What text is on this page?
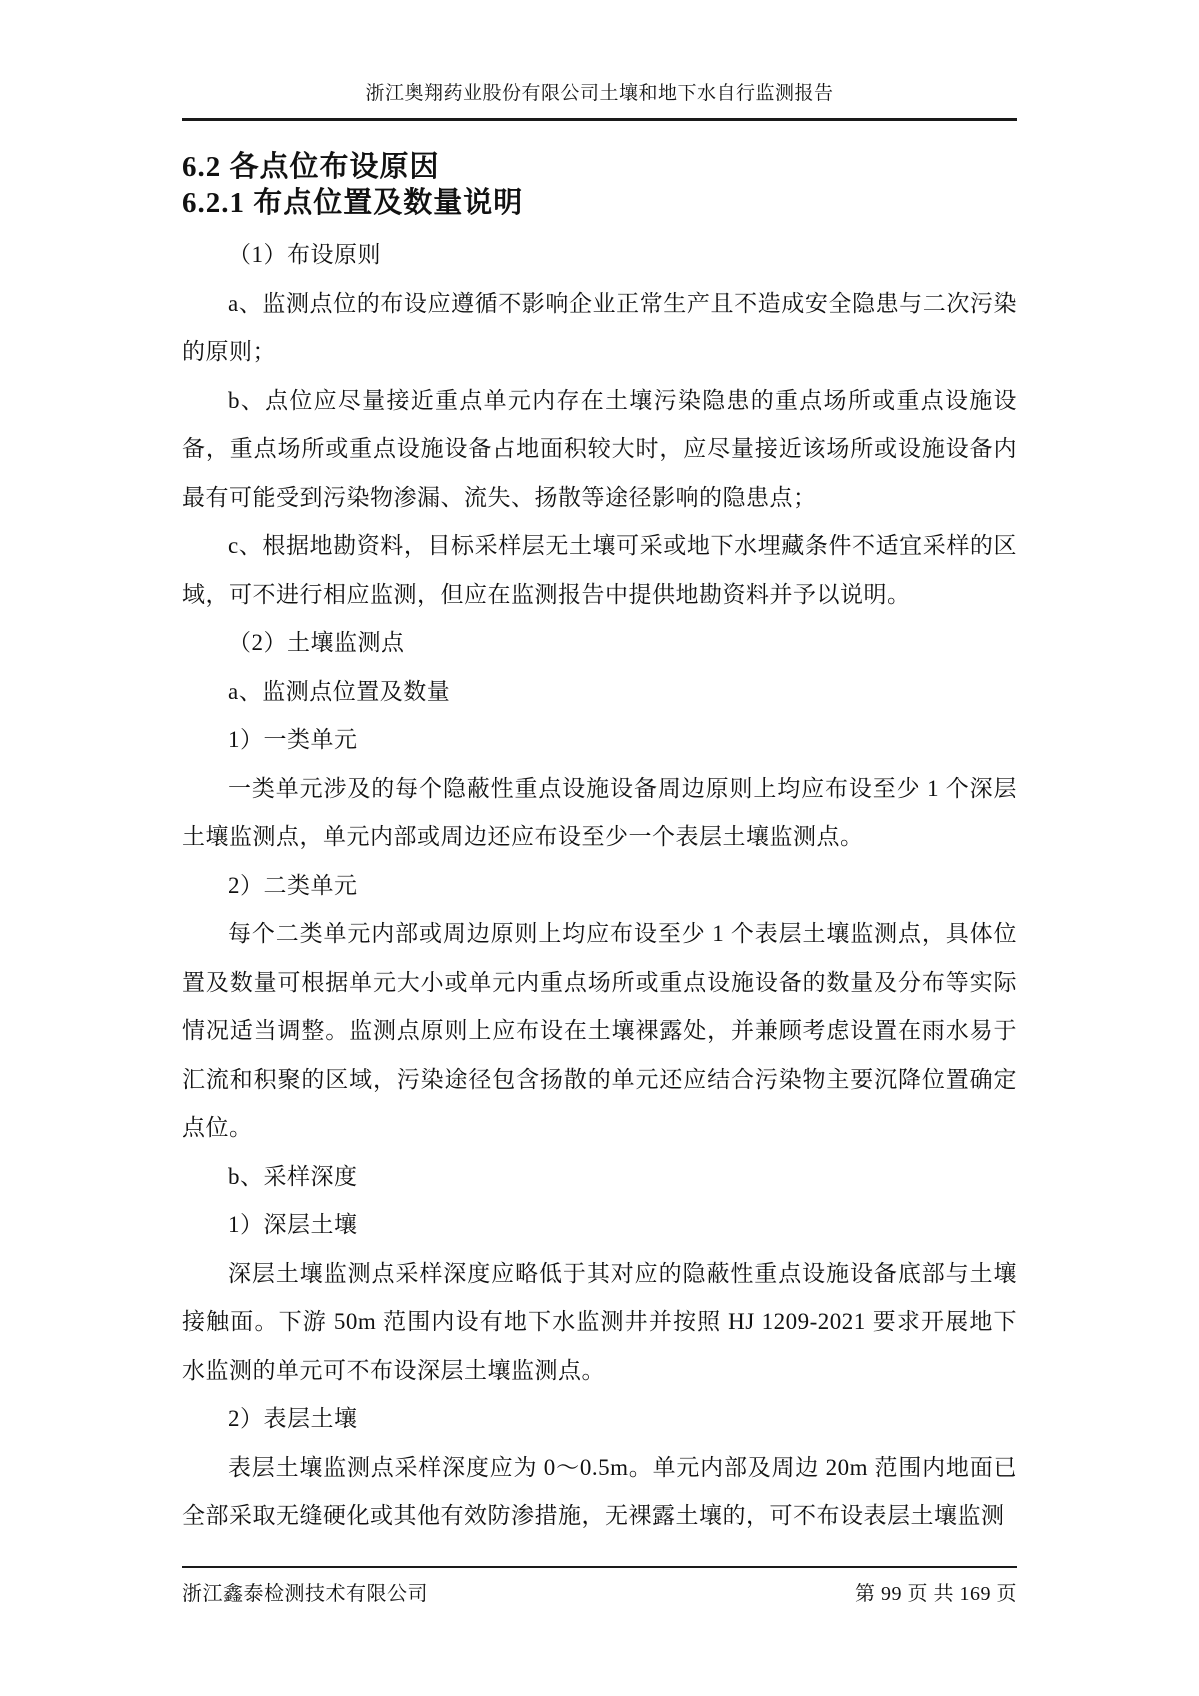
浙江奥翔药业股份有限公司土壤和地下水自行监测报告
6.2 各点位布设原因
6.2.1 布点位置及数量说明

（1）布设原则

a、监测点位的布设应遵循不影响企业正常生产且不造成安全隐患与二次污染的原则；

b、点位应尽量接近重点单元内存在土壤污染隐患的重点场所或重点设施设备，重点场所或重点设施设备占地面积较大时，应尽量接近该场所或设施设备内最有可能受到污染物渗漏、流失、扬散等途径影响的隐患点；

c、根据地勘资料，目标采样层无土壤可采或地下水埋藏条件不适宜采样的区域，可不进行相应监测，但应在监测报告中提供地勘资料并予以说明。

（2）土壤监测点

a、监测点位置及数量

1）一类单元

一类单元涉及的每个隐蔽性重点设施设备周边原则上均应布设至少 1 个深层土壤监测点，单元内部或周边还应布设至少一个表层土壤监测点。

2）二类单元

每个二类单元内部或周边原则上均应布设至少 1 个表层土壤监测点，具体位置及数量可根据单元大小或单元内重点场所或重点设施设备的数量及分布等实际情况适当调整。监测点原则上应布设在土壤裸露处，并兼顾考虑设置在雨水易于汇流和积聚的区域，污染途径包含扬散的单元还应结合污染物主要沉降位置确定点位。

b、采样深度

1）深层土壤

深层土壤监测点采样深度应略低于其对应的隐蔽性重点设施设备底部与土壤接触面。下游 50m 范围内设有地下水监测井并按照 HJ 1209-2021 要求开展地下水监测的单元可不布设深层土壤监测点。

2）表层土壤

表层土壤监测点采样深度应为 0～0.5m。单元内部及周边 20m 范围内地面已全部采取无缝硬化或其他有效防渗措施，无裸露土壤的，可不布设表层土壤监测

浙江鑫泰检测技术有限公司	第 99 页 共 169 页
